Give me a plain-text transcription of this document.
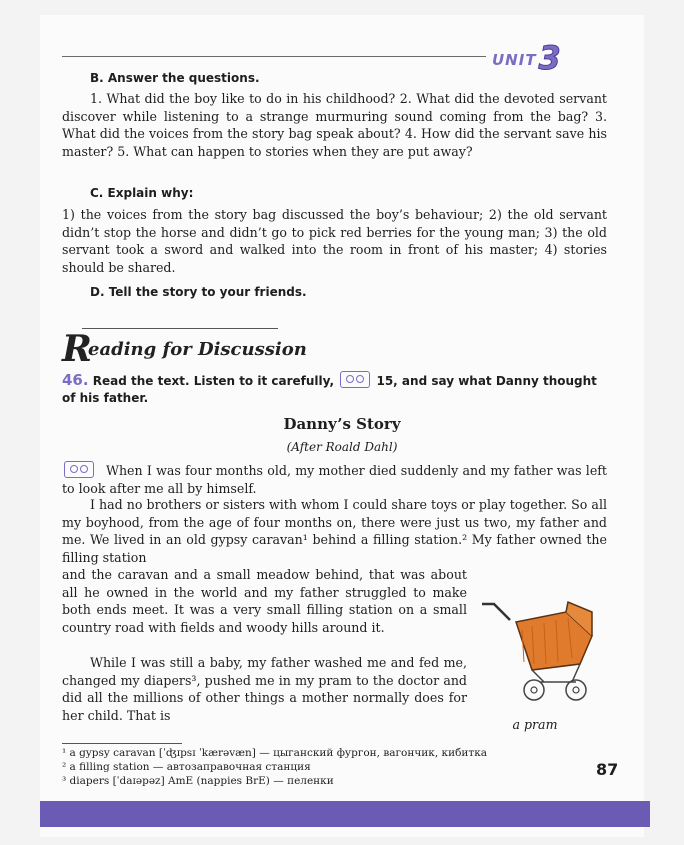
UNIT3
B. Answer the questions.
1. What did the boy like to do in his childhood? 2. What did the devoted servant discover while listening to a strange murmuring sound coming from the bag? 3. What did the voices from the story bag speak about? 4. How did the servant save his master? 5. What can happen to stories when they are put away?
C. Explain why:
1) the voices from the story bag discussed the boy’s behaviour; 2) the old servant didn’t stop the horse and didn’t go to pick red berries for the young man; 3) the old servant took a sword and walked into the room in front of his master; 4) stories should be shared.
D. Tell the story to your friends.
R
eading for Discussion
46. Read the text. Listen to it carefully,	15, and say what Danny thought of his father.
Danny’s Story
(After Roald Dahl)
When I was four months old, my mother died suddenly and my father was left to look after me all by himself.
I had no brothers or sisters with whom I could share toys or play together. So all my boyhood, from the age of four months on, there were just us two, my father and me. We lived in an old gypsy caravan¹ behind a filling station.² My father owned the filling station
and the caravan and a small meadow behind, that was about all he owned in the world and my father struggled to make both ends meet. It was a very small filling station on a small country road with fields and woody hills around it.
While I was still a baby, my father washed me and fed me, changed my diapers³, pushed me in my pram to the doctor and did all the millions of other things a mother normally does for her child. That is
a pram
¹ a gypsy caravan [ˈʤɪpsɪ ˈkærəvæn] — цыганский фургон, вагончик, кибитка
² a filling station — автозаправочная станция
³ diapers [ˈdaɪəpəz] AmE (nappies BrE) — пеленки
87
